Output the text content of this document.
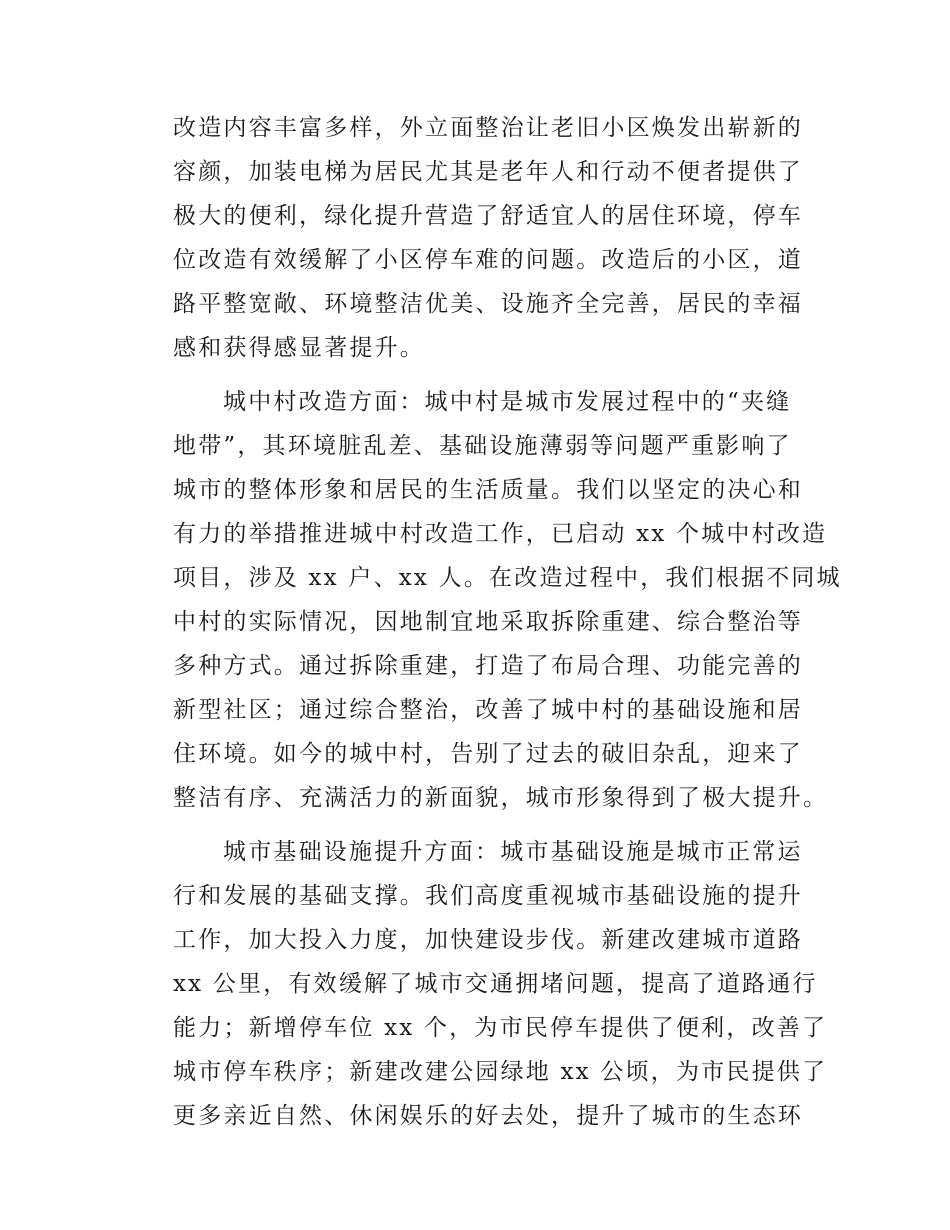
改造内容丰富多样，外立面整治让老旧小区焕发出崭新的
容颜，加装电梯为居民尤其是老年人和行动不便者提供了
极大的便利，绿化提升营造了舒适宜人的居住环境，停车
位改造有效缓解了小区停车难的问题。改造后的小区，道
路平整宽敞、环境整洁优美、设施齐全完善，居民的幸福
感和获得感显著提升。
城中村改造方面：城中村是城市发展过程中的“夹缝
地带”，其环境脏乱差、基础设施薄弱等问题严重影响了
城市的整体形象和居民的生活质量。我们以坚定的决心和
有力的举措推进城中村改造工作，已启动 xx 个城中村改造
项目，涉及 xx 户、xx 人。在改造过程中，我们根据不同城
中村的实际情况，因地制宜地采取拆除重建、综合整治等
多种方式。通过拆除重建，打造了布局合理、功能完善的
新型社区；通过综合整治，改善了城中村的基础设施和居
住环境。如今的城中村，告别了过去的破旧杂乱，迎来了
整洁有序、充满活力的新面貌，城市形象得到了极大提升。
城市基础设施提升方面：城市基础设施是城市正常运
行和发展的基础支撑。我们高度重视城市基础设施的提升
工作，加大投入力度，加快建设步伐。新建改建城市道路
xx 公里，有效缓解了城市交通拥堵问题，提高了道路通行
能力；新增停车位 xx 个，为市民停车提供了便利，改善了
城市停车秩序；新建改建公园绿地 xx 公顷，为市民提供了
更多亲近自然、休闲娱乐的好去处，提升了城市的生态环
